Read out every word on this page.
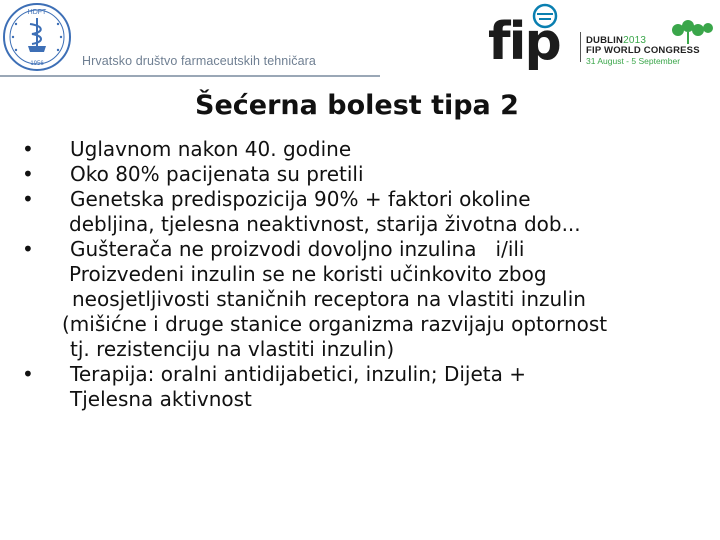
HDFT
1956	Hrvatsko društvo farmaceutskih tehničara	fip	DUBLIN2013
FIP WORLD CONGRESS
31 August - 5 September
Šećerna bolest tipa 2
• Uglavnom nakon 40. godine
• Oko 80% pacijenata su pretili
• Genetska predispozicija 90% + faktori okoline
debljina, tjelesna neaktivnost, starija životna dob...
• Gušterača ne proizvodi dovoljno inzulina   i/ili
Proizvedeni inzulin se ne koristi učinkovito zbog
neosjetljivosti staničnih receptora na vlastiti inzulin
(mišićne i druge stanice organizma razvijaju optornost
tj. rezistenciju na vlastiti inzulin)
• Terapija: oralni antidijabetici, inzulin; Dijeta +
Tjelesna aktivnost
